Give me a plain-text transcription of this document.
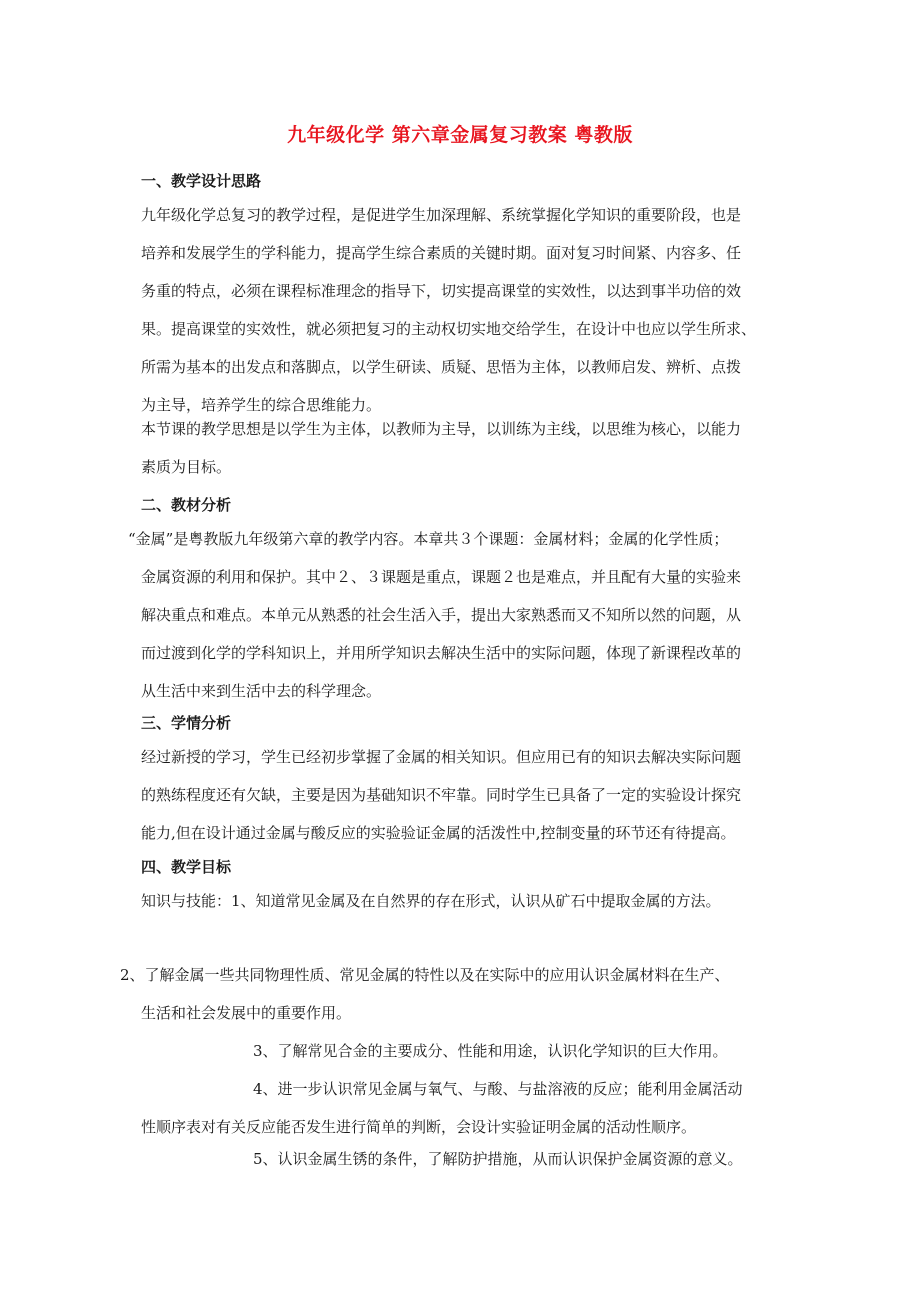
九年级化学 第六章金属复习教案 粤教版
一、教学设计思路
九年级化学总复习的教学过程，是促进学生加深理解、系统掌握化学知识的重要阶段，也是
培养和发展学生的学科能力，提高学生综合素质的关键时期。面对复习时间紧、内容多、任
务重的特点，必须在课程标准理念的指导下，切实提高课堂的实效性，以达到事半功倍的效
果。提高课堂的实效性，就必须把复习的主动权切实地交给学生，在设计中也应以学生所求、
所需为基本的出发点和落脚点，以学生研读、质疑、思悟为主体，以教师启发、辨析、点拨
为主导，培养学生的综合思维能力。
本节课的教学思想是以学生为主体，以教师为主导，以训练为主线，以思维为核心，以能力
素质为目标。
二、教材分析
“金属”是粤教版九年级第六章的教学内容。本章共３个课题：金属材料；金属的化学性质；
金属资源的利用和保护。其中２、３课题是重点，课题２也是难点，并且配有大量的实验来
解决重点和难点。本单元从熟悉的社会生活入手，提出大家熟悉而又不知所以然的问题，从
而过渡到化学的学科知识上，并用所学知识去解决生活中的实际问题，体现了新课程改革的
从生活中来到生活中去的科学理念。
三、学情分析
经过新授的学习，学生已经初步掌握了金属的相关知识。但应用已有的知识去解决实际问题
的熟练程度还有欠缺，主要是因为基础知识不牢靠。同时学生已具备了一定的实验设计探究
能力,但在设计通过金属与酸反应的实验验证金属的活泼性中,控制变量的环节还有待提高。
四、教学目标
知识与技能：1、知道常见金属及在自然界的存在形式，认识从矿石中提取金属的方法。
2、了解金属一些共同物理性质、常见金属的特性以及在实际中的应用认识金属材料在生产、
生活和社会发展中的重要作用。
3、了解常见合金的主要成分、性能和用途，认识化学知识的巨大作用。
4、进一步认识常见金属与氧气、与酸、与盐溶液的反应；能利用金属活动
性顺序表对有关反应能否发生进行简单的判断，会设计实验证明金属的活动性顺序。
5、认识金属生锈的条件，了解防护措施，从而认识保护金属资源的意义。
